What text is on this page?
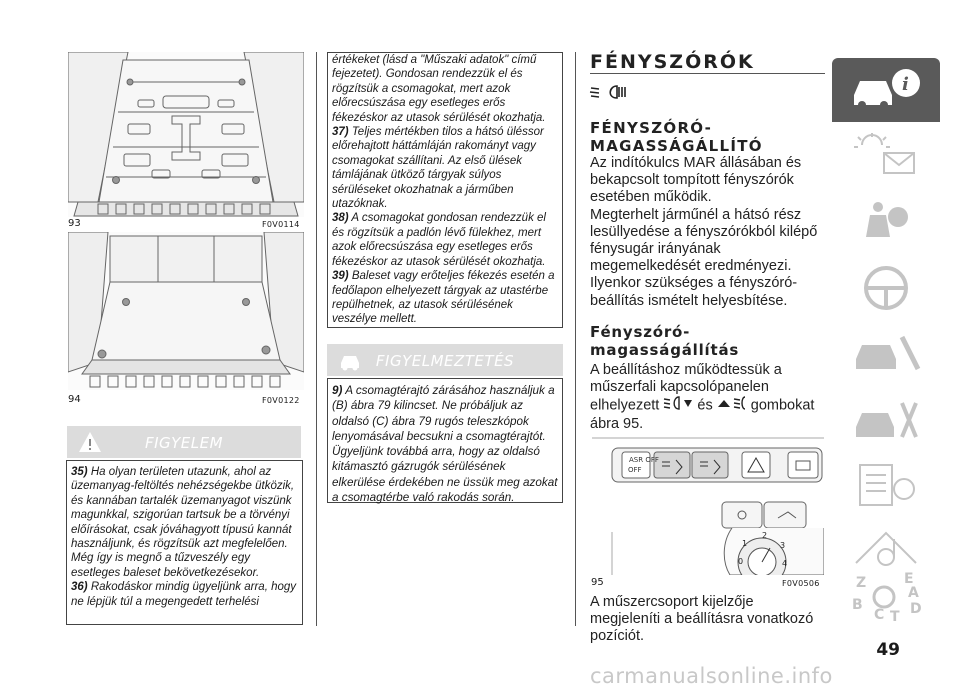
93	F0V0114
94	F0V0122
FIGYELEM

35) Ha olyan területen utazunk, ahol az üzemanyag-feltöltés nehézségekbe ütközik, és kannában tartalék üzemanyagot viszünk magunkkal, szigorúan tartsuk be a törvényi előírásokat, csak jóváhagyott típusú kannát használjunk, és rögzítsük azt megfelelően. Még így is megnő a tűzveszély egy esetleges baleset bekövetkezésekor.

36) Rakodáskor mindig ügyeljünk arra, hogy ne lépjük túl a megengedett terhelési

értékeket (lásd a "Műszaki adatok" című fejezetet). Gondosan rendezzük el és rögzítsük a csomagokat, mert azok előrecsúszása egy esetleges erős fékezéskor az utasok sérülését okozhatja.

37) Teljes mértékben tilos a hátsó üléssor előrehajtott háttámláján rakományt vagy csomagokat szállítani. Az első ülések támlájának ütköző tárgyak súlyos sérüléseket okozhatnak a járműben utazóknak.

38) A csomagokat gondosan rendezzük el és rögzítsük a padlón lévő fülekhez, mert azok előrecsúszása egy esetleges erős fékezéskor az utasok sérülését okozhatja.

39) Baleset vagy erőteljes fékezés esetén a fedőlapon elhelyezett tárgyak az utastérbe repülhetnek, az utasok sérülésének veszélye mellett.

FIGYELMEZTETÉS

9) A csomagtérajtó zárásához használjuk a (B) ábra 79 kilincset. Ne próbáljuk az oldalsó (C) ábra 79 rugós teleszkópok lenyomásával becsukni a csomagtérajtót. Ügyeljünk továbbá arra, hogy az oldalsó kitámasztó gázrugók sérülésének elkerülése érdekében ne üssük meg azokat a csomagtérbe való rakodás során.

FÉNYSZÓRÓK
FÉNYSZÓRÓ-
MAGASSÁGÁLLÍTÓ

Az indítókulcs MAR állásában és bekapcsolt tompított fényszórók esetében működik.

Megterhelt járműnél a hátsó rész lesüllyedése a fényszórókból kilépő fénysugár irányának megemelkedését eredményezi. Ilyenkor szükséges a fényszóró-beállítás ismételt helyesbítése.

Fényszóró-
magasságállítás
A beállításhoz működtessük a műszerfali kapcsolópanelen elhelyezett	és	gombokat ábra 95.
ASR OFF
OFF
0
1
2
3
4
95	F0V0506
A műszercsoport kijelzője megjeleníti a beállításra vonatkozó pozíciót.
i
Z	E
B
C T D
A
49
carmanualsonline.info
